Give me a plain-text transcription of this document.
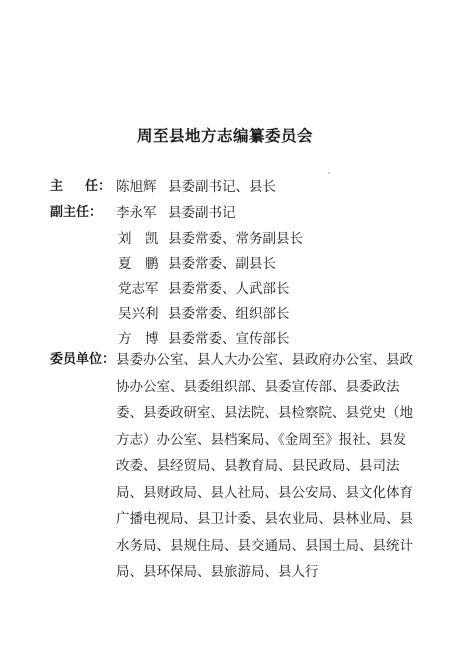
周至县地方志编纂委员会
主 任 ： 陈旭辉 县委副书记、县长
副主任：	李永军 县委副书记
刘　凯 县委常委、常务副县长
夏　鹏 县委常委、副县长
党志军 县委常委、人武部长
吴兴利 县委常委、组织部长
方　博 县委常委、宣传部长
委员单位： 县委办公室、县人大办公室、县政府办公室、县政
协办公室、县委组织部、县委宣传部、县委政法
委、县委政研室、县法院、县检察院、县党史（地
方志）办公室、县档案局、《金周至》报社、县发
改委、县经贸局、县教育局、县民政局、县司法
局、县财政局、县人社局、县公安局、县文化体育
广播电视局、县卫计委、县农业局、县林业局、县
水务局、县规住局、县交通局、县国土局、县统计
局、县环保局、县旅游局、县人行
